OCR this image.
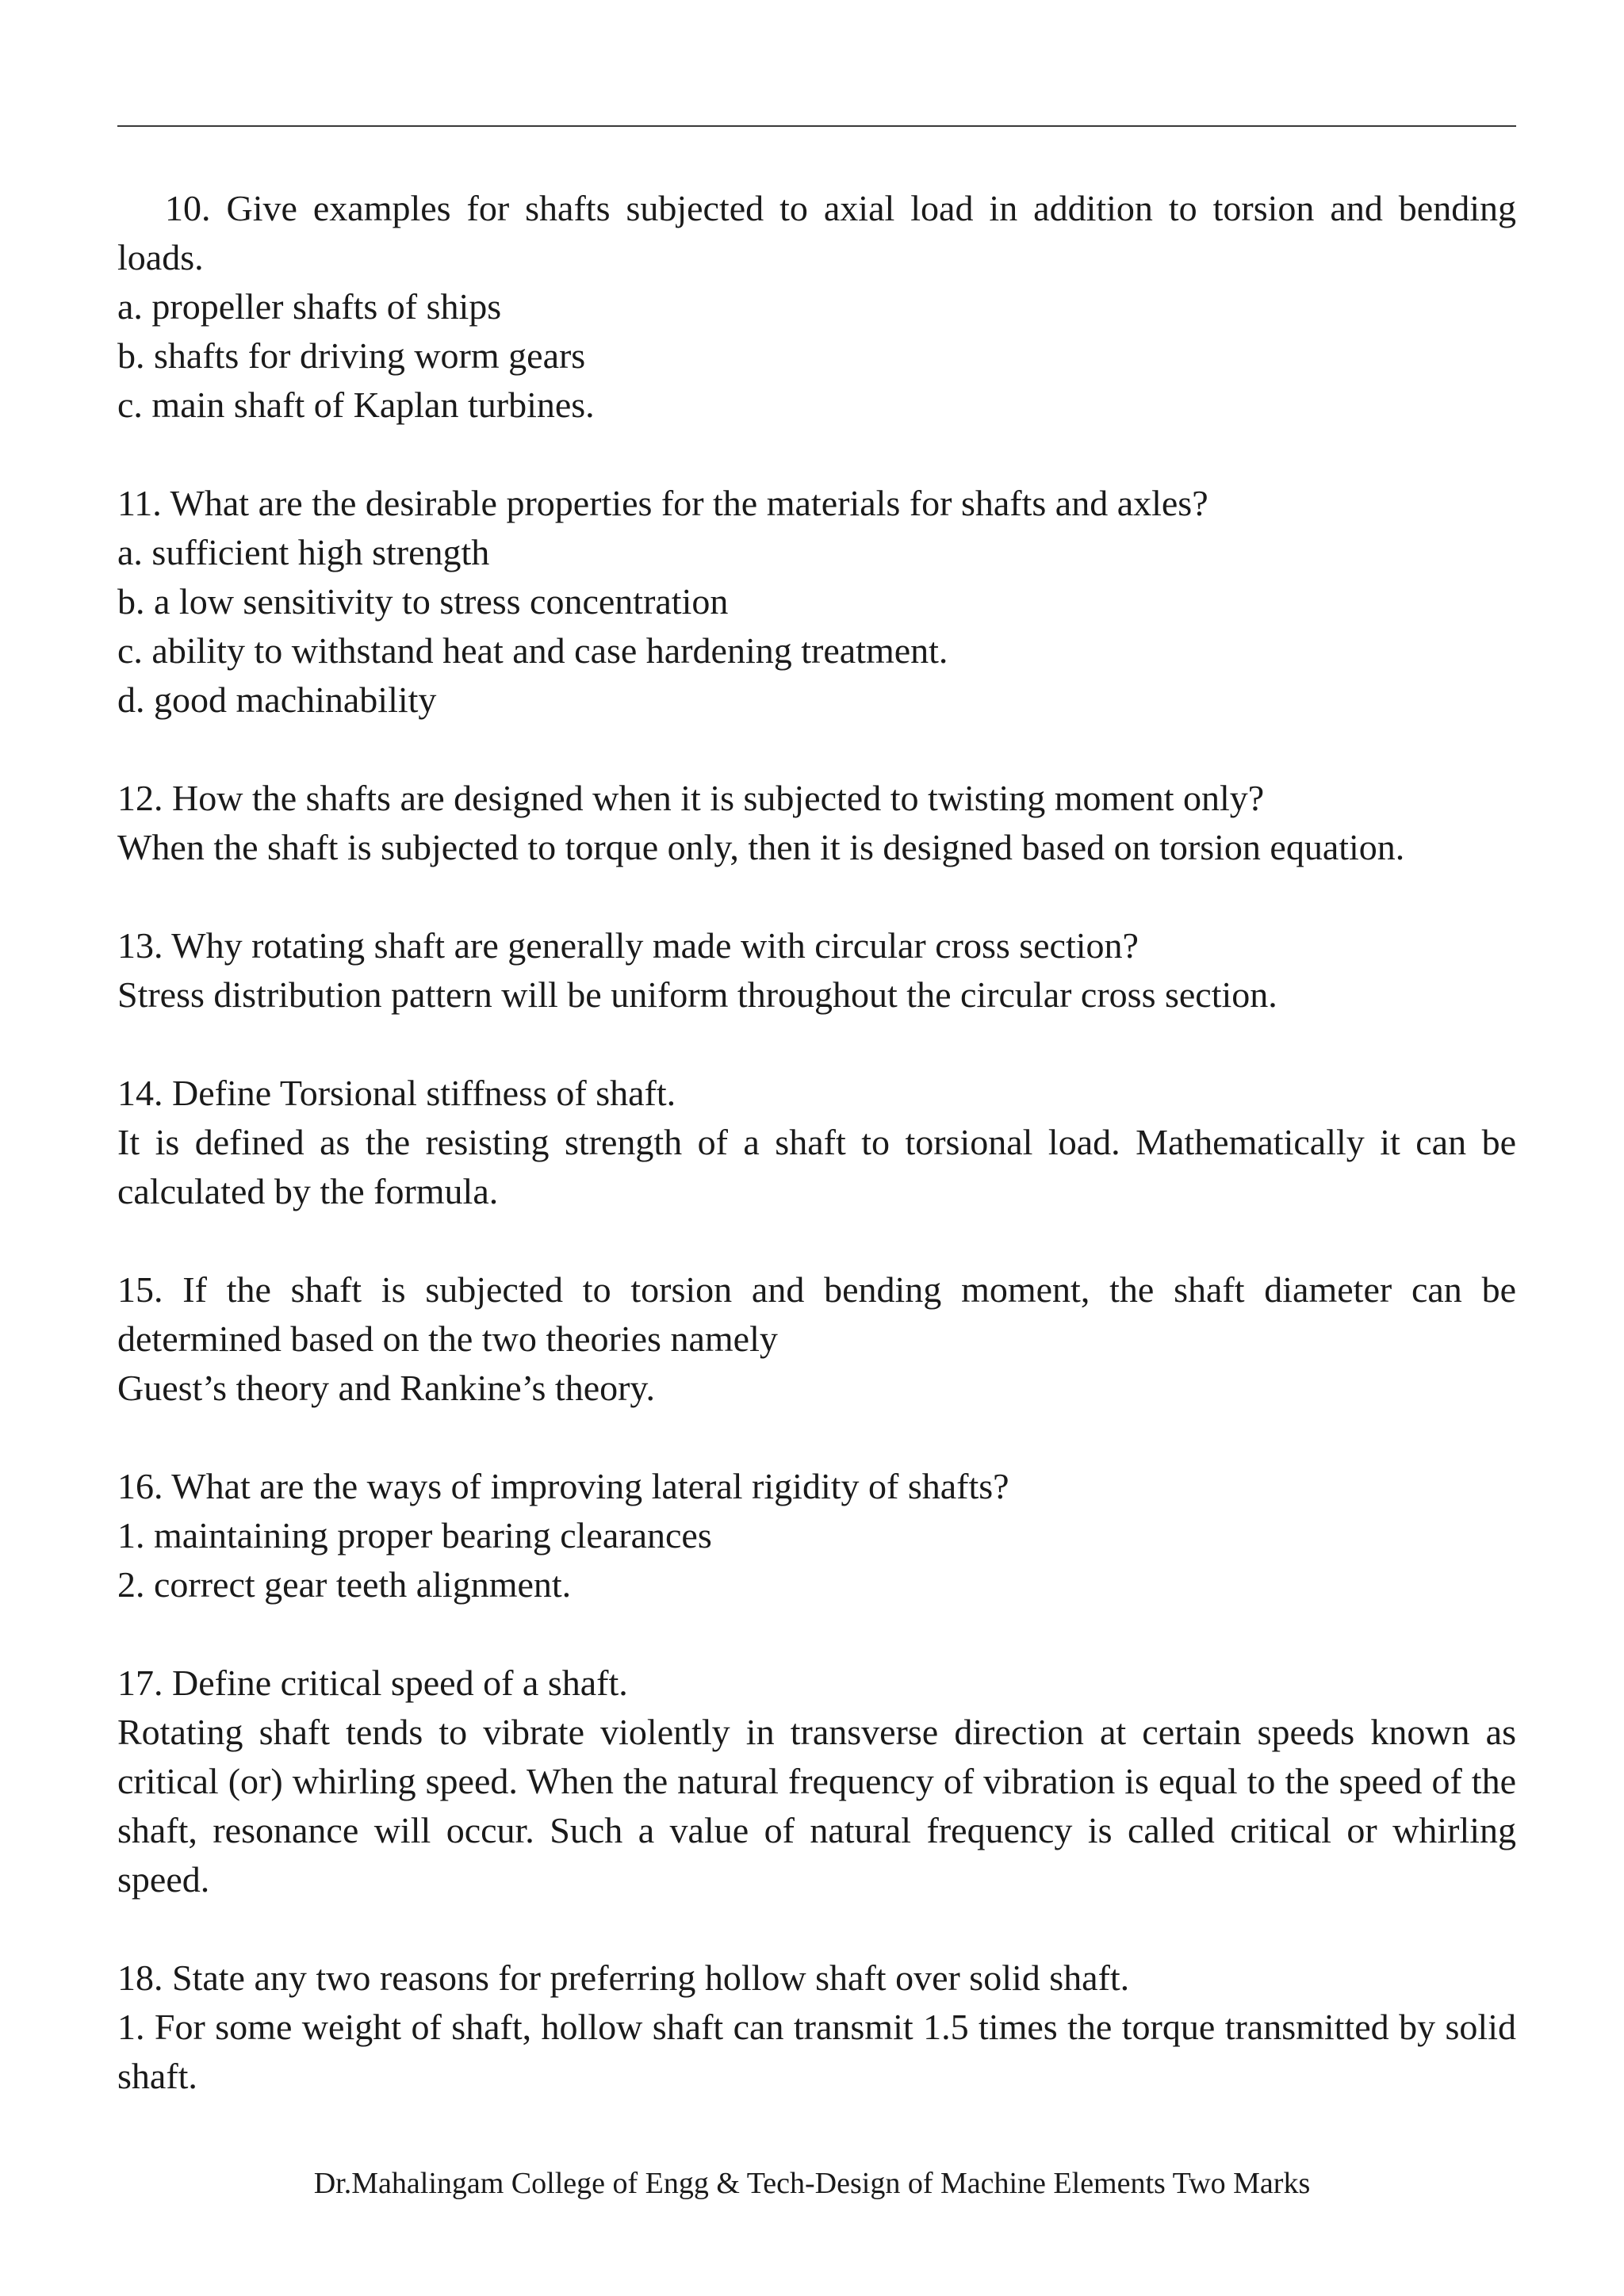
10. Give examples for shafts subjected to axial load in addition to torsion and bending loads.

a. propeller shafts of ships

b. shafts for driving worm gears

c. main shaft of Kaplan turbines.

11. What are the desirable properties for the materials for shafts and axles?

a. sufficient high strength

b. a low sensitivity to stress concentration

c. ability to withstand heat and case hardening treatment.

d. good machinability

12. How the shafts are designed when it is subjected to twisting moment only?

When the shaft is subjected to torque only, then it is designed based on torsion equation.

13. Why rotating shaft are generally made with circular cross section?

Stress distribution pattern will be uniform throughout the circular cross section.

14. Define Torsional stiffness of shaft.

It is defined as the resisting strength of a shaft to torsional load. Mathematically it can be calculated by the formula.

15. If the shaft is subjected to torsion and bending moment, the shaft diameter can be determined based on the two theories namely

Guest’s theory and Rankine’s theory.

16. What are the ways of improving lateral rigidity of shafts?

1. maintaining proper bearing clearances

2. correct gear teeth alignment.

17. Define critical speed of a shaft.

Rotating shaft tends to vibrate violently in transverse direction at certain speeds known as critical (or) whirling speed. When the natural frequency of vibration is equal to the speed of the shaft, resonance will occur. Such a value of natural frequency is called critical or whirling speed.

18. State any two reasons for preferring hollow shaft over solid shaft.

1. For some weight of shaft, hollow shaft can transmit 1.5 times the torque transmitted by solid shaft.

Dr.Mahalingam College of Engg & Tech-Design of Machine Elements Two Marks
